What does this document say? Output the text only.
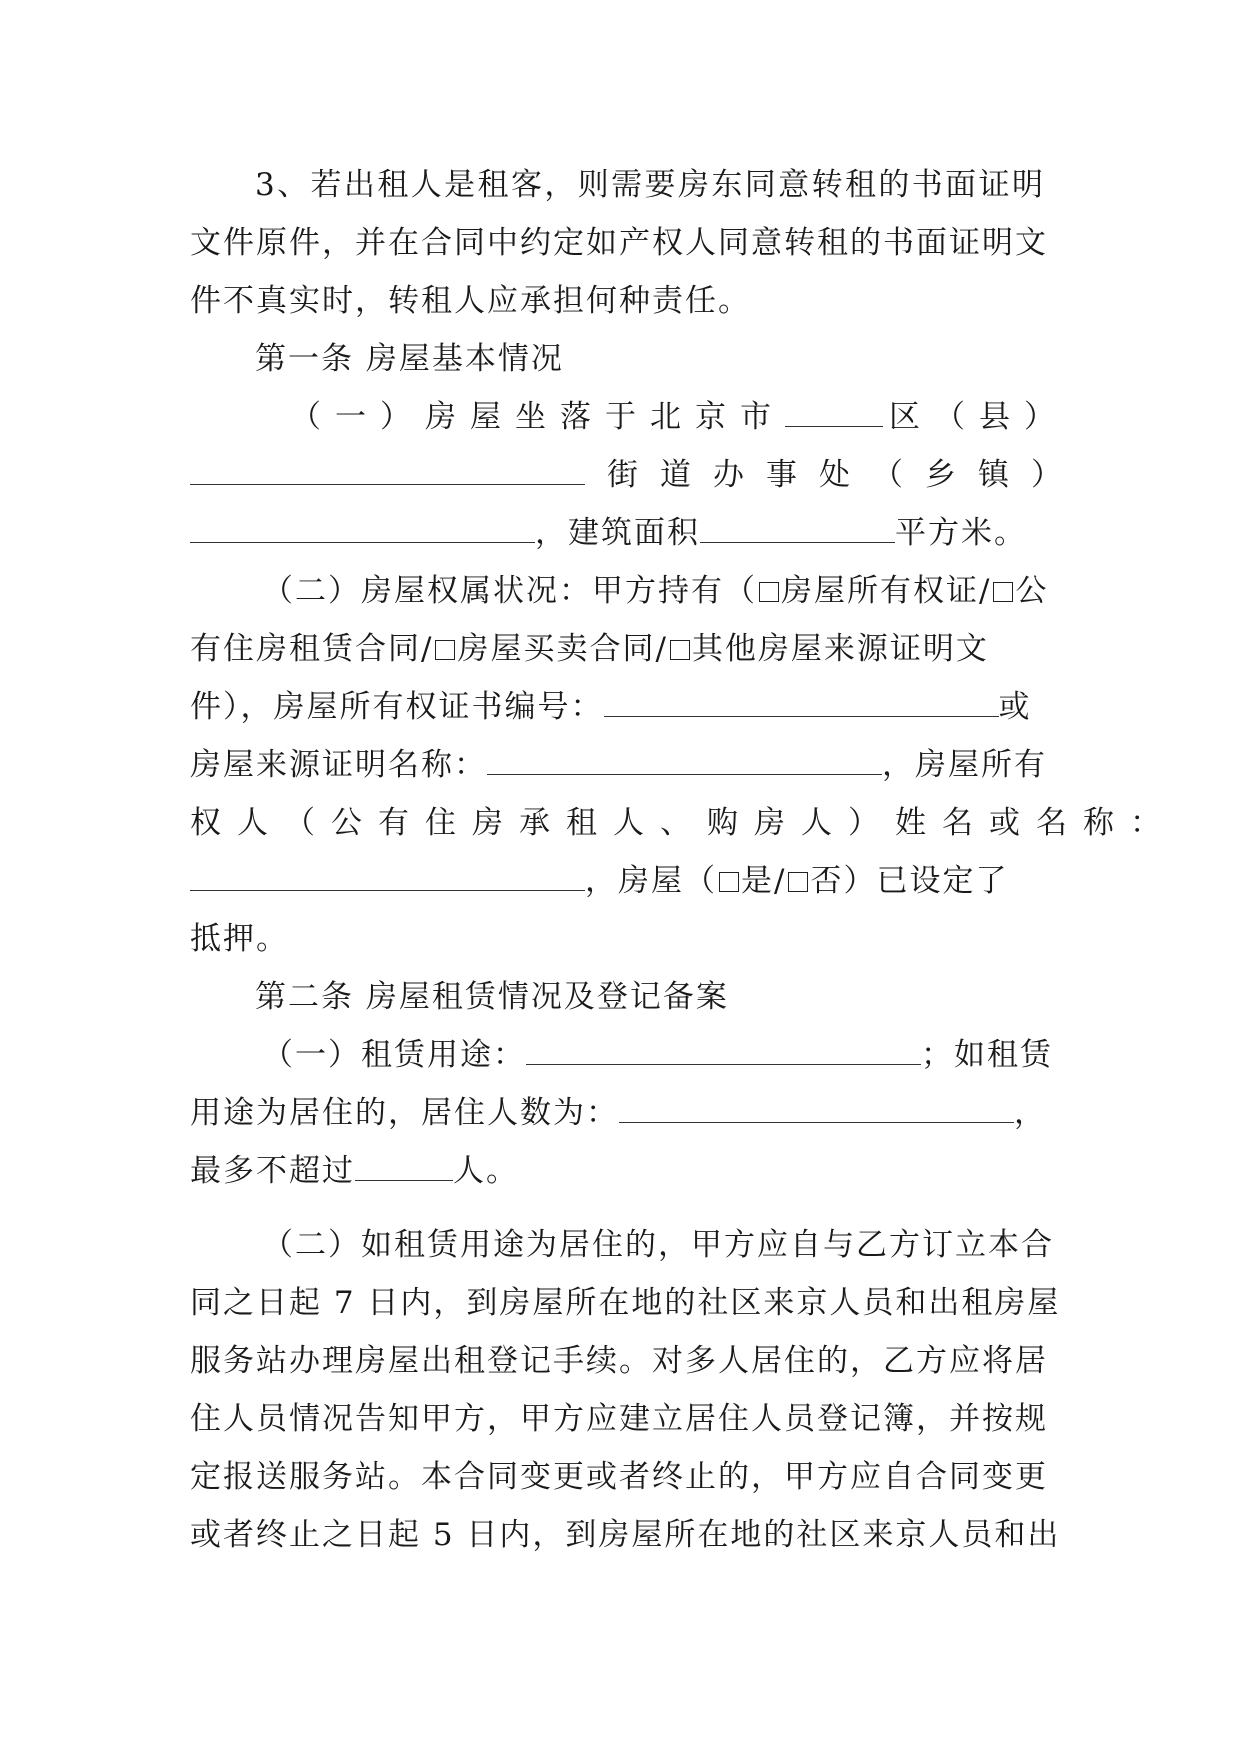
3、若出租人是租客，则需要房东同意转租的书面证明
文件原件，并在合同中约定如产权人同意转租的书面证明文
件不真实时，转租人应承担何种责任。
第一条 房屋基本情况
（一）房屋坐落于北京市	区（县）
街道办事处（乡镇）
，建筑面积	平方米。
（二）房屋权属状况：甲方持有（ 房屋所有权证/ 公
有住房租赁合同/ 房屋买卖合同/ 其他房屋来源证明文
件），房屋所有权证书编号：	或
房屋来源证明名称：	，房屋所有
权人（公有住房承租人、购房人）姓名或名称：
，房屋（ 是/ 否）已设定了
抵押。
第二条 房屋租赁情况及登记备案
（一）租赁用途：	；如租赁
用途为居住的，居住人数为：	，
最多不超过	人。
（二）如租赁用途为居住的，甲方应自与乙方订立本合
同之日起 7 日内，到房屋所在地的社区来京人员和出租房屋
服务站办理房屋出租登记手续。对多人居住的，乙方应将居
住人员情况告知甲方，甲方应建立居住人员登记簿，并按规
定报送服务站。本合同变更或者终止的，甲方应自合同变更
或者终止之日起 5 日内，到房屋所在地的社区来京人员和出
